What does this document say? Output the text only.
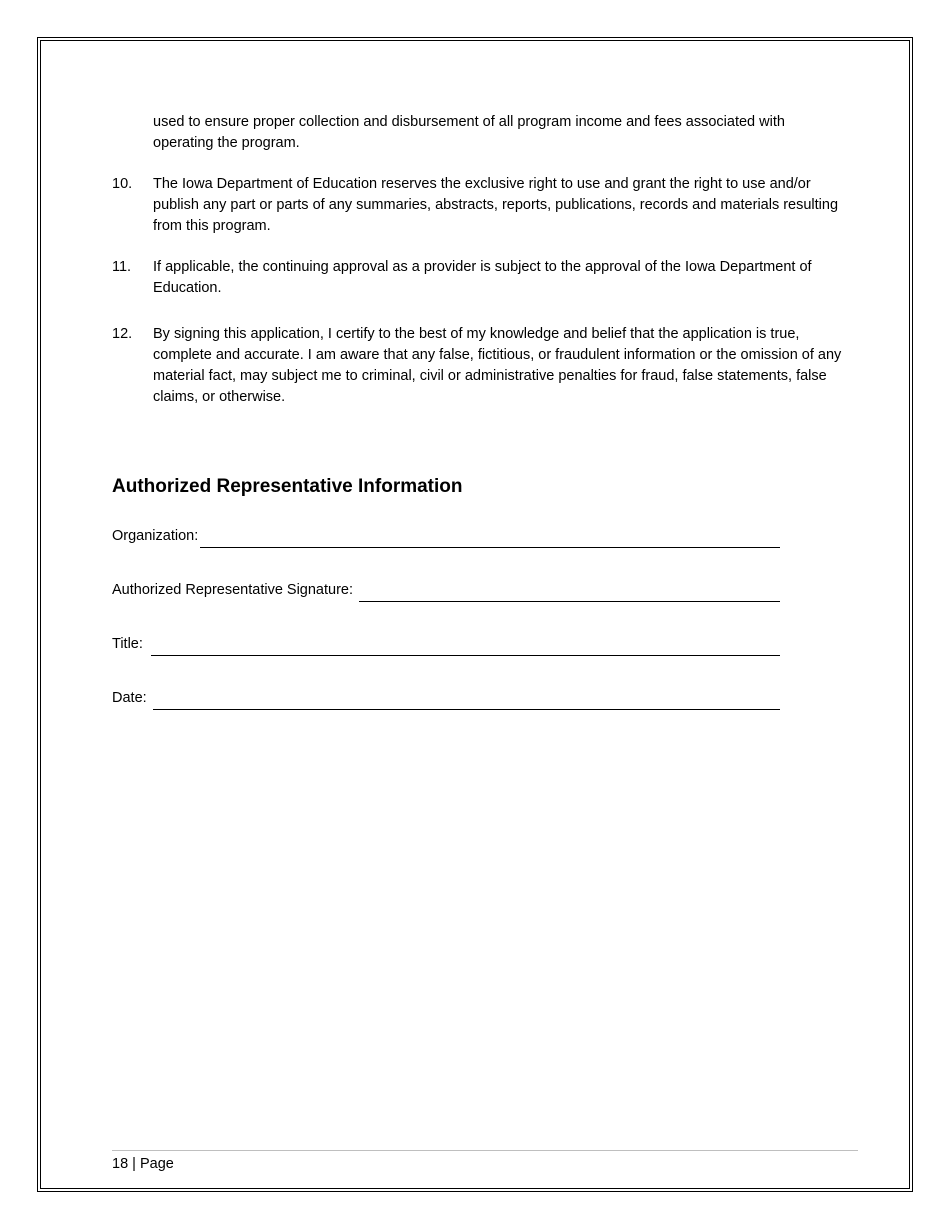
used to ensure proper collection and disbursement of all program income and fees associated with operating the program.

10. The Iowa Department of Education reserves the exclusive right to use and grant the right to use and/or publish any part or parts of any summaries, abstracts, reports, publications, records and materials resulting from this program.
11. If applicable, the continuing approval as a provider is subject to the approval of the Iowa Department of Education.
12. By signing this application, I certify to the best of my knowledge and belief that the application is true, complete and accurate. I am aware that any false, fictitious, or fraudulent information or the omission of any material fact, may subject me to criminal, civil or administrative penalties for fraud, false statements, false claims, or otherwise.
Authorized Representative Information
Organization:
Authorized Representative Signature:
Title:
Date:
18 | Page
